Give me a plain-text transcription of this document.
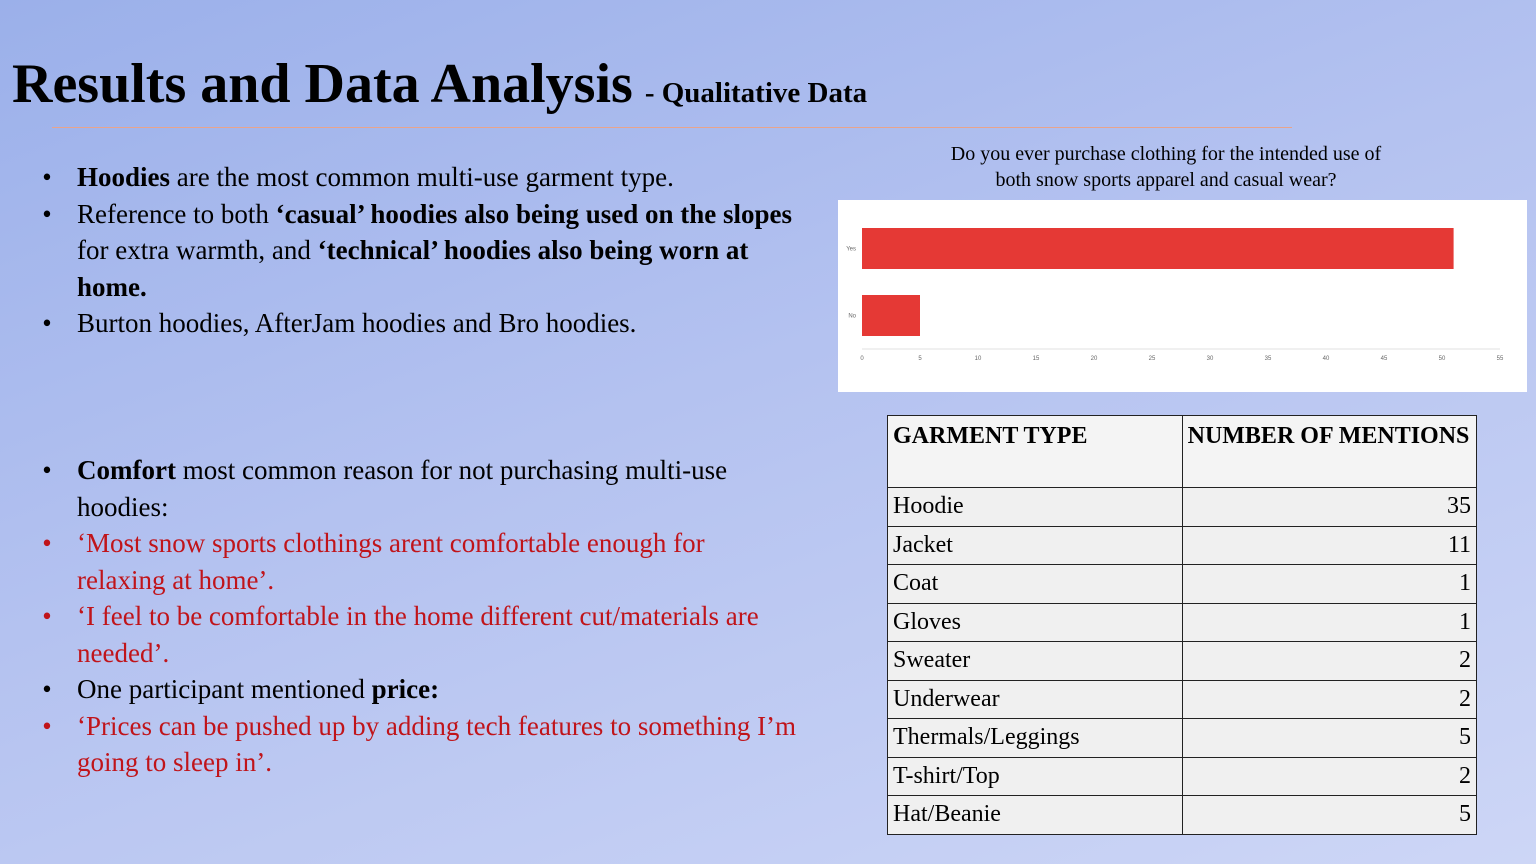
Results and Data Analysis - Qualitative Data
• Hoodies are the most common multi-use garment type.
• Reference to both ‘casual’ hoodies also being used on the slopes for extra warmth, and ‘technical’ hoodies also being worn at home.
• Burton hoodies, AfterJam hoodies and Bro hoodies.
• Comfort most common reason for not purchasing multi-use hoodies:
• ‘Most snow sports clothings arent comfortable enough for relaxing at home’.
• ‘I feel to be comfortable in the home different cut/materials are needed’.
• One participant mentioned price:
• ‘Prices can be pushed up by adding tech features to something I’m going to sleep in’.
Do you ever purchase clothing for the intended use of
both snow sports apparel and casual wear?
Yes
No
0	5	10	15	20	25	30	35	40	45	50	55
GARMENT TYPE	NUMBER OF MENTIONS
Hoodie	35
Jacket	11
Coat	1
Gloves	1
Sweater	2
Underwear	2
Thermals/Leggings	5
T-shirt/Top	2
Hat/Beanie	5
